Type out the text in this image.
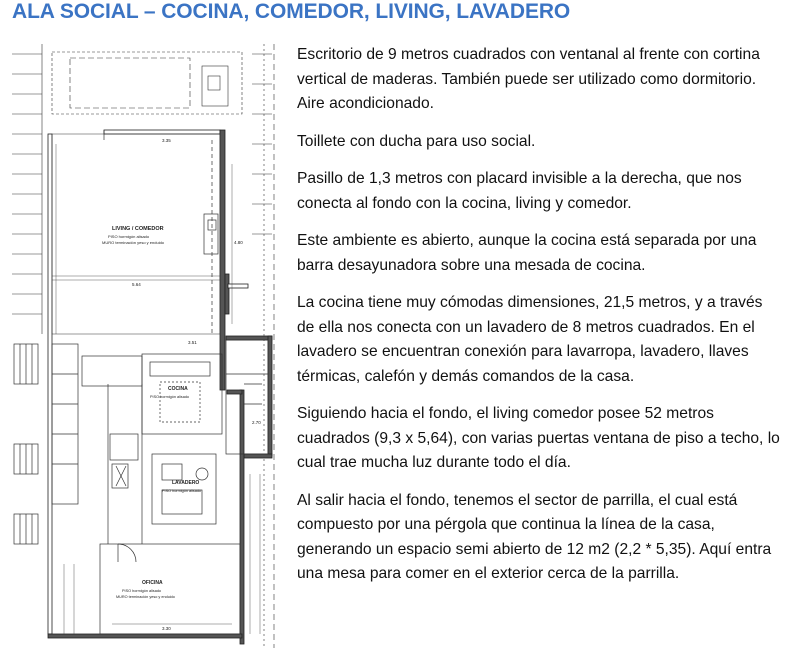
ALA SOCIAL – COCINA, COMEDOR, LIVING, LAVADERO
LIVING / COMEDOR
PISO hormigón alisado
MURO terminación yeso y enduido
COCINA
PISO hormigón alisado
LAVADERO
PISO hormigón alisado
OFICINA
PISO hormigón alisado
MURO terminación yeso y enduido
5.64
3.35
3.30
4.80
2.70
3.51

Escritorio de 9 metros cuadrados con ventanal al frente con cortina vertical de maderas. También puede ser utilizado como dormitorio. Aire acondicionado.

Toillete con ducha para uso social.

Pasillo de 1,3 metros con placard invisible a la derecha, que nos conecta al fondo con la cocina, living y comedor.

Este ambiente es abierto, aunque la cocina está separada por una barra desayunadora sobre una mesada de cocina.

La cocina tiene muy cómodas dimensiones, 21,5 metros, y a través de ella nos conecta con un lavadero de 8 metros cuadrados. En el lavadero se encuentran conexión para lavarropa, lavadero, llaves térmicas, calefón y demás comandos de la casa.

Siguiendo hacia el fondo, el living comedor posee 52 metros cuadrados (9,3 x 5,64), con varias puertas ventana de piso a techo, lo cual trae mucha luz durante todo el día.

Al salir hacia el fondo, tenemos el sector de parrilla, el cual está compuesto por una pérgola que continua la línea de la casa, generando un espacio semi abierto de 12 m2 (2,2 * 5,35). Aquí entra una mesa para comer en el exterior cerca de la parrilla.
